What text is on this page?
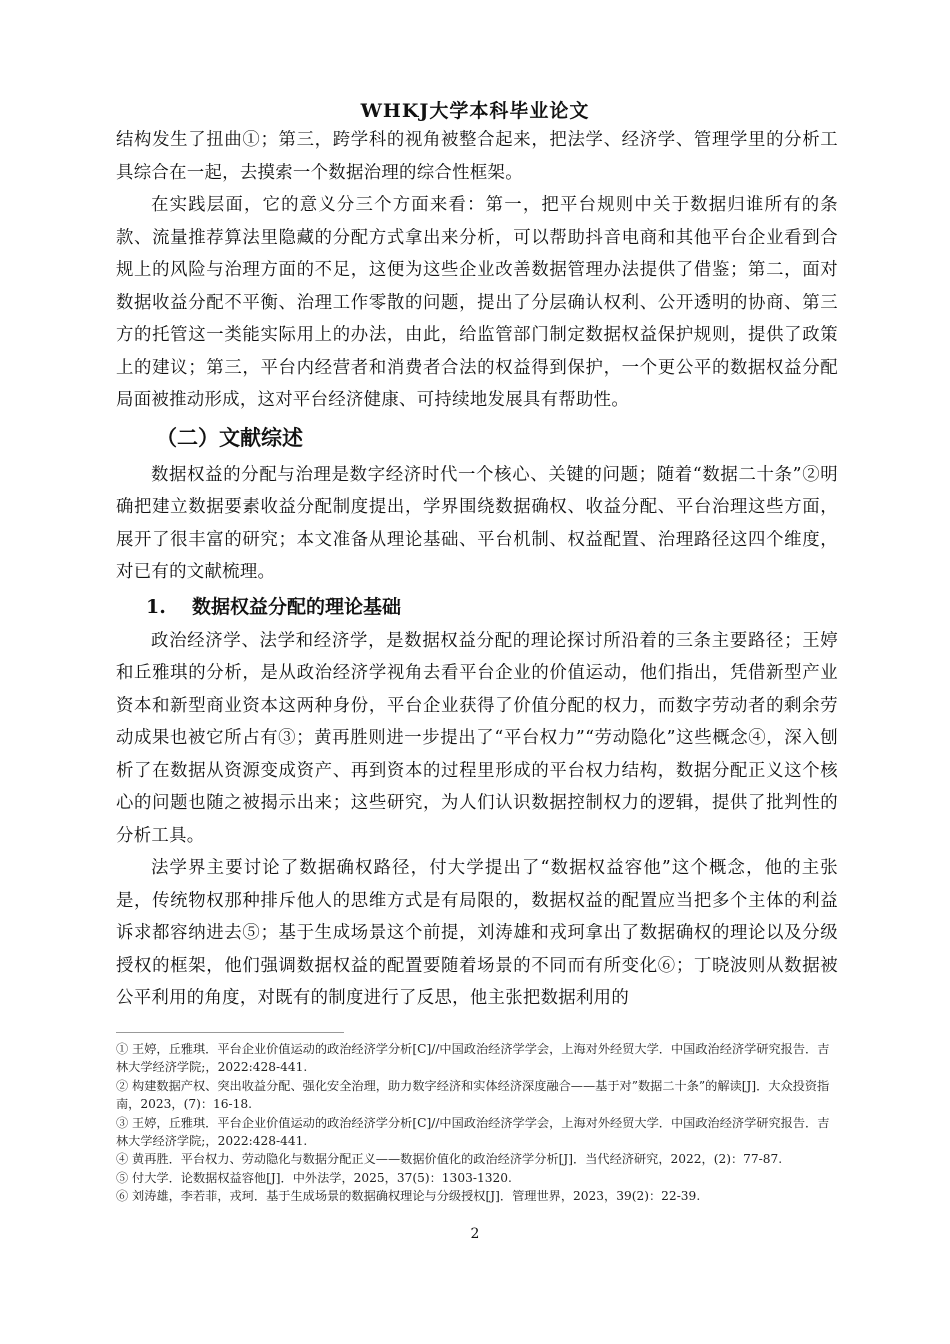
WHKJ大学本科毕业论文

结构发生了扭曲①；第三，跨学科的视角被整合起来，把法学、经济学、管理学里的分析工具综合在一起，去摸索一个数据治理的综合性框架。

在实践层面，它的意义分三个方面来看：第一，把平台规则中关于数据归谁所有的条款、流量推荐算法里隐藏的分配方式拿出来分析，可以帮助抖音电商和其他平台企业看到合规上的风险与治理方面的不足，这便为这些企业改善数据管理办法提供了借鉴；第二，面对数据收益分配不平衡、治理工作零散的问题，提出了分层确认权利、公开透明的协商、第三方的托管这一类能实际用上的办法，由此，给监管部门制定数据权益保护规则，提供了政策上的建议；第三，平台内经营者和消费者合法的权益得到保护，一个更公平的数据权益分配局面被推动形成，这对平台经济健康、可持续地发展具有帮助性。

（二）文献综述

数据权益的分配与治理是数字经济时代一个核心、关键的问题；随着“数据二十条”②明确把建立数据要素收益分配制度提出，学界围绕数据确权、收益分配、平台治理这些方面，展开了很丰富的研究；本文准备从理论基础、平台机制、权益配置、治理路径这四个维度，对已有的文献梳理。

1. 数据权益分配的理论基础

政治经济学、法学和经济学，是数据权益分配的理论探讨所沿着的三条主要路径；王婷和丘雅琪的分析，是从政治经济学视角去看平台企业的价值运动，他们指出，凭借新型产业资本和新型商业资本这两种身份，平台企业获得了价值分配的权力，而数字劳动者的剩余劳动成果也被它所占有③；黄再胜则进一步提出了“平台权力”“劳动隐化”这些概念④，深入刨析了在数据从资源变成资产、再到资本的过程里形成的平台权力结构，数据分配正义这个核心的问题也随之被揭示出来；这些研究，为人们认识数据控制权力的逻辑，提供了批判性的分析工具。

法学界主要讨论了数据确权路径，付大学提出了“数据权益容他”这个概念，他的主张是，传统物权那种排斥他人的思维方式是有局限的，数据权益的配置应当把多个主体的利益诉求都容纳进去⑤；基于生成场景这个前提，刘涛雄和戎珂拿出了数据确权的理论以及分级授权的框架，他们强调数据权益的配置要随着场景的不同而有所变化⑥；丁晓波则从数据被公平利用的角度，对既有的制度进行了反思，他主张把数据利用的

① 王婷，丘雅琪．平台企业价值运动的政治经济学分析[C]//中国政治经济学学会，上海对外经贸大学．中国政治经济学研究报告．吉林大学经济学院;，2022:428-441.

② 构建数据产权、突出收益分配、强化安全治理，助力数字经济和实体经济深度融合——基于对”数据二十条”的解读[J]．大众投资指南，2023，(7)：16-18.

③ 王婷，丘雅琪．平台企业价值运动的政治经济学分析[C]//中国政治经济学学会，上海对外经贸大学．中国政治经济学研究报告．吉林大学经济学院;，2022:428-441.

④ 黄再胜．平台权力、劳动隐化与数据分配正义——数据价值化的政治经济学分析[J]．当代经济研究，2022，(2)：77-87.

⑤ 付大学．论数据权益容他[J]．中外法学，2025，37(5)：1303-1320.

⑥ 刘涛雄，李若菲，戎珂．基于生成场景的数据确权理论与分级授权[J]．管理世界，2023，39(2)：22-39.

2
